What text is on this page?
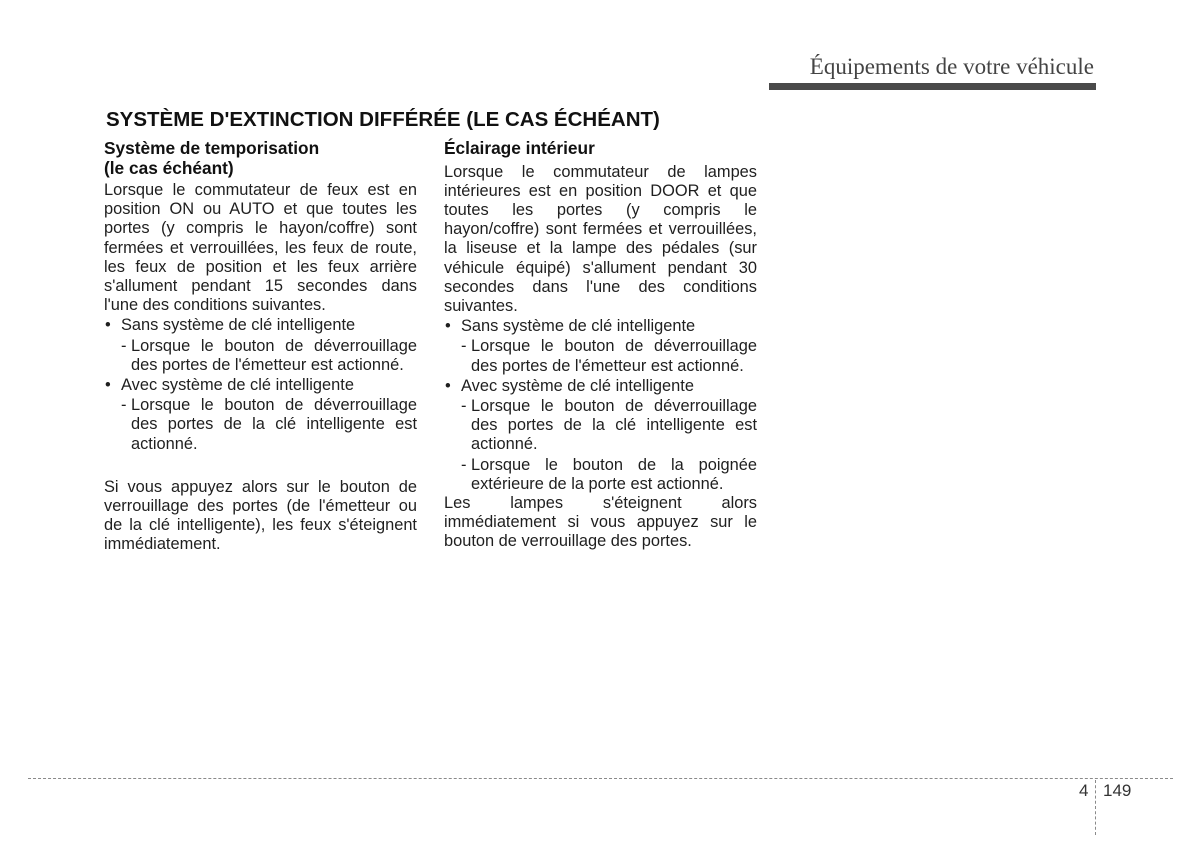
Équipements de votre véhicule
SYSTÈME D'EXTINCTION DIFFÉRÉE (LE CAS ÉCHÉANT)
Système de temporisation
(le cas échéant)

Lorsque le commutateur de feux est en position ON ou AUTO et que toutes les portes (y compris le hayon/coffre) sont fermées et verrouillées, les feux de route, les feux de position et les feux arrière s'allument pendant 15 secondes dans l'une des conditions suivantes.

• Sans système de clé intelligente
- Lorsque le bouton de déverrouillage des portes de l'émetteur est actionné.
• Avec système de clé intelligente
- Lorsque le bouton de déverrouillage des portes de la clé intelligente est actionné.

Si vous appuyez alors sur le bouton de verrouillage des portes (de l'émetteur ou de la clé intelligente), les feux s'éteignent immédiatement.

Éclairage intérieur

Lorsque le commutateur de lampes intérieures est en position DOOR et que toutes les portes (y compris le hayon/coffre) sont fermées et verrouillées, la liseuse et la lampe des pédales (sur véhicule équipé) s'allument pendant 30 secondes dans l'une des conditions suivantes.

• Sans système de clé intelligente
- Lorsque le bouton de déverrouillage des portes de l'émetteur est actionné.
• Avec système de clé intelligente
- Lorsque le bouton de déverrouillage des portes de la clé intelligente est actionné.
- Lorsque le bouton de la poignée extérieure de la porte est actionné.

Les lampes s'éteignent alors immédiatement si vous appuyez sur le bouton de verrouillage des portes.

4 149
